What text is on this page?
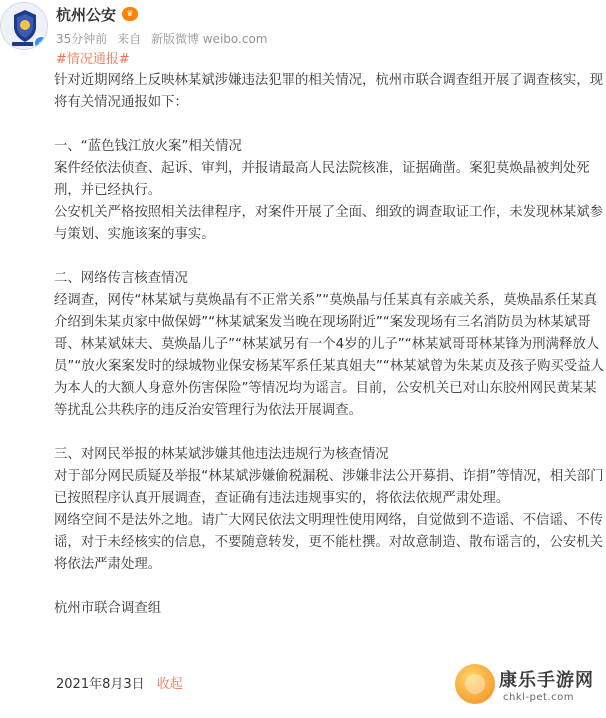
✓
杭州公安	♛
35分钟前 来自 新版微博 weibo.com
#情况通报#

针对近期网络上反映林某斌涉嫌违法犯罪的相关情况，杭州市联合调查组开展了调查核实，现将有关情况通报如下：

一、“蓝色钱江放火案”相关情况

案件经依法侦查、起诉、审判，并报请最高人民法院核准，证据确凿。案犯莫焕晶被判处死刑，并已经执行。

公安机关严格按照相关法律程序，对案件开展了全面、细致的调查取证工作，未发现林某斌参与策划、实施该案的事实。

二、网络传言核查情况

经调查，网传“林某斌与莫焕晶有不正常关系”“莫焕晶与任某真有亲戚关系，莫焕晶系任某真介绍到朱某贞家中做保姆”“林某斌案发当晚在现场附近”“案发现场有三名消防员为林某斌哥哥、林某斌妹夫、莫焕晶儿子”“林某斌另有一个4岁的儿子”“林某斌哥哥林某锋为刑满释放人员”“放火案案发时的绿城物业保安杨某军系任某真姐夫”“林某斌曾为朱某贞及孩子购买受益人为本人的大额人身意外伤害保险”等情况均为谣言。目前，公安机关已对山东胶州网民黄某某等扰乱公共秩序的违反治安管理行为依法开展调查。

三、对网民举报的林某斌涉嫌其他违法违规行为核查情况

对于部分网民质疑及举报“林某斌涉嫌偷税漏税、涉嫌非法公开募捐、诈捐”等情况，相关部门已按照程序认真开展调查，查证确有违法违规事实的，将依法依规严肃处理。

网络空间不是法外之地。请广大网民依法文明理性使用网络，自觉做到不造谣、不信谣、不传谣，对于未经核实的信息，不要随意转发，更不能杜撰。对故意制造、散布谣言的，公安机关将依法严肃处理。

杭州市联合调查组

2021年8月3日 收起	康乐手游网
chkl-pet.com
